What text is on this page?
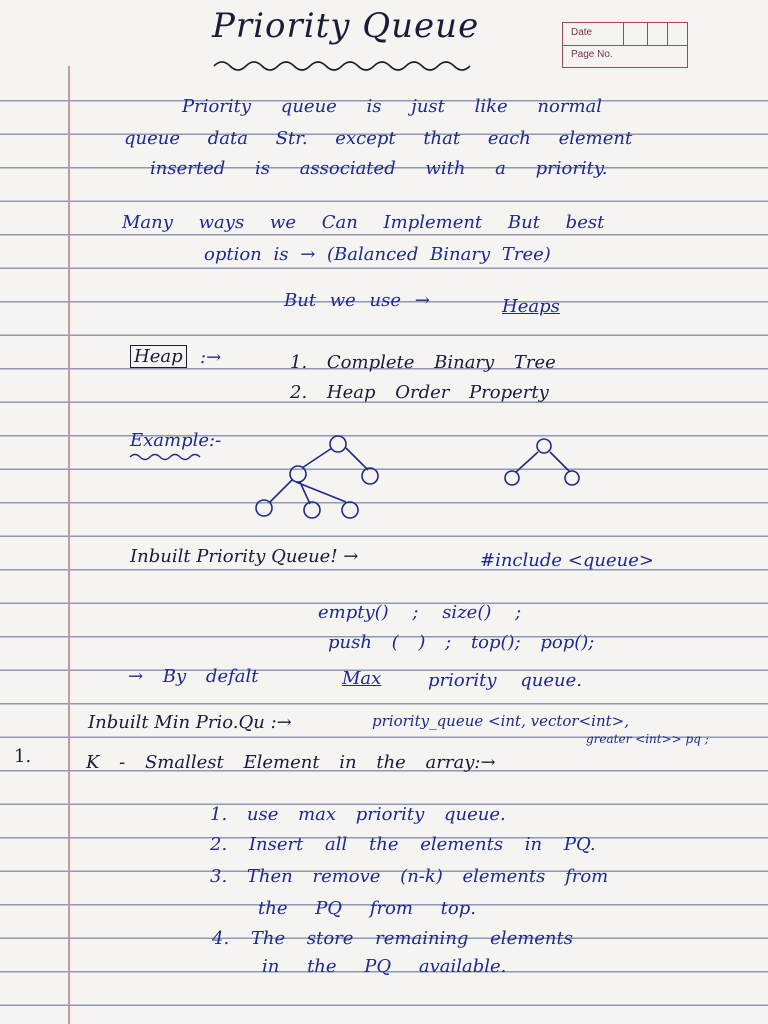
Priority Queue	Date
Page No.
Priority queue is just like normal
queue data Str. except that each element
inserted is associated with a priority.
Many ways we Can Implement But best
option is → (Balanced Binary Tree)
But we use →	Heaps
Heap :→	1. Complete Binary Tree
2. Heap Order Property
Example:-
Inbuilt Priority Queue! →	#include <queue>
empty() ; size() ;
push ( ) ; top(); pop();
→ By defalt	Max	priority queue.
Inbuilt Min Prio.Qu :→	priority_queue <int, vector<int>,
greater <int>> pq ;
1.	K - Smallest Element in the array:→
1. use max priority queue.
2. Insert all the elements in PQ.
3. Then remove (n-k) elements from
the PQ from top.
4. The store remaining elements
in the PQ available.
